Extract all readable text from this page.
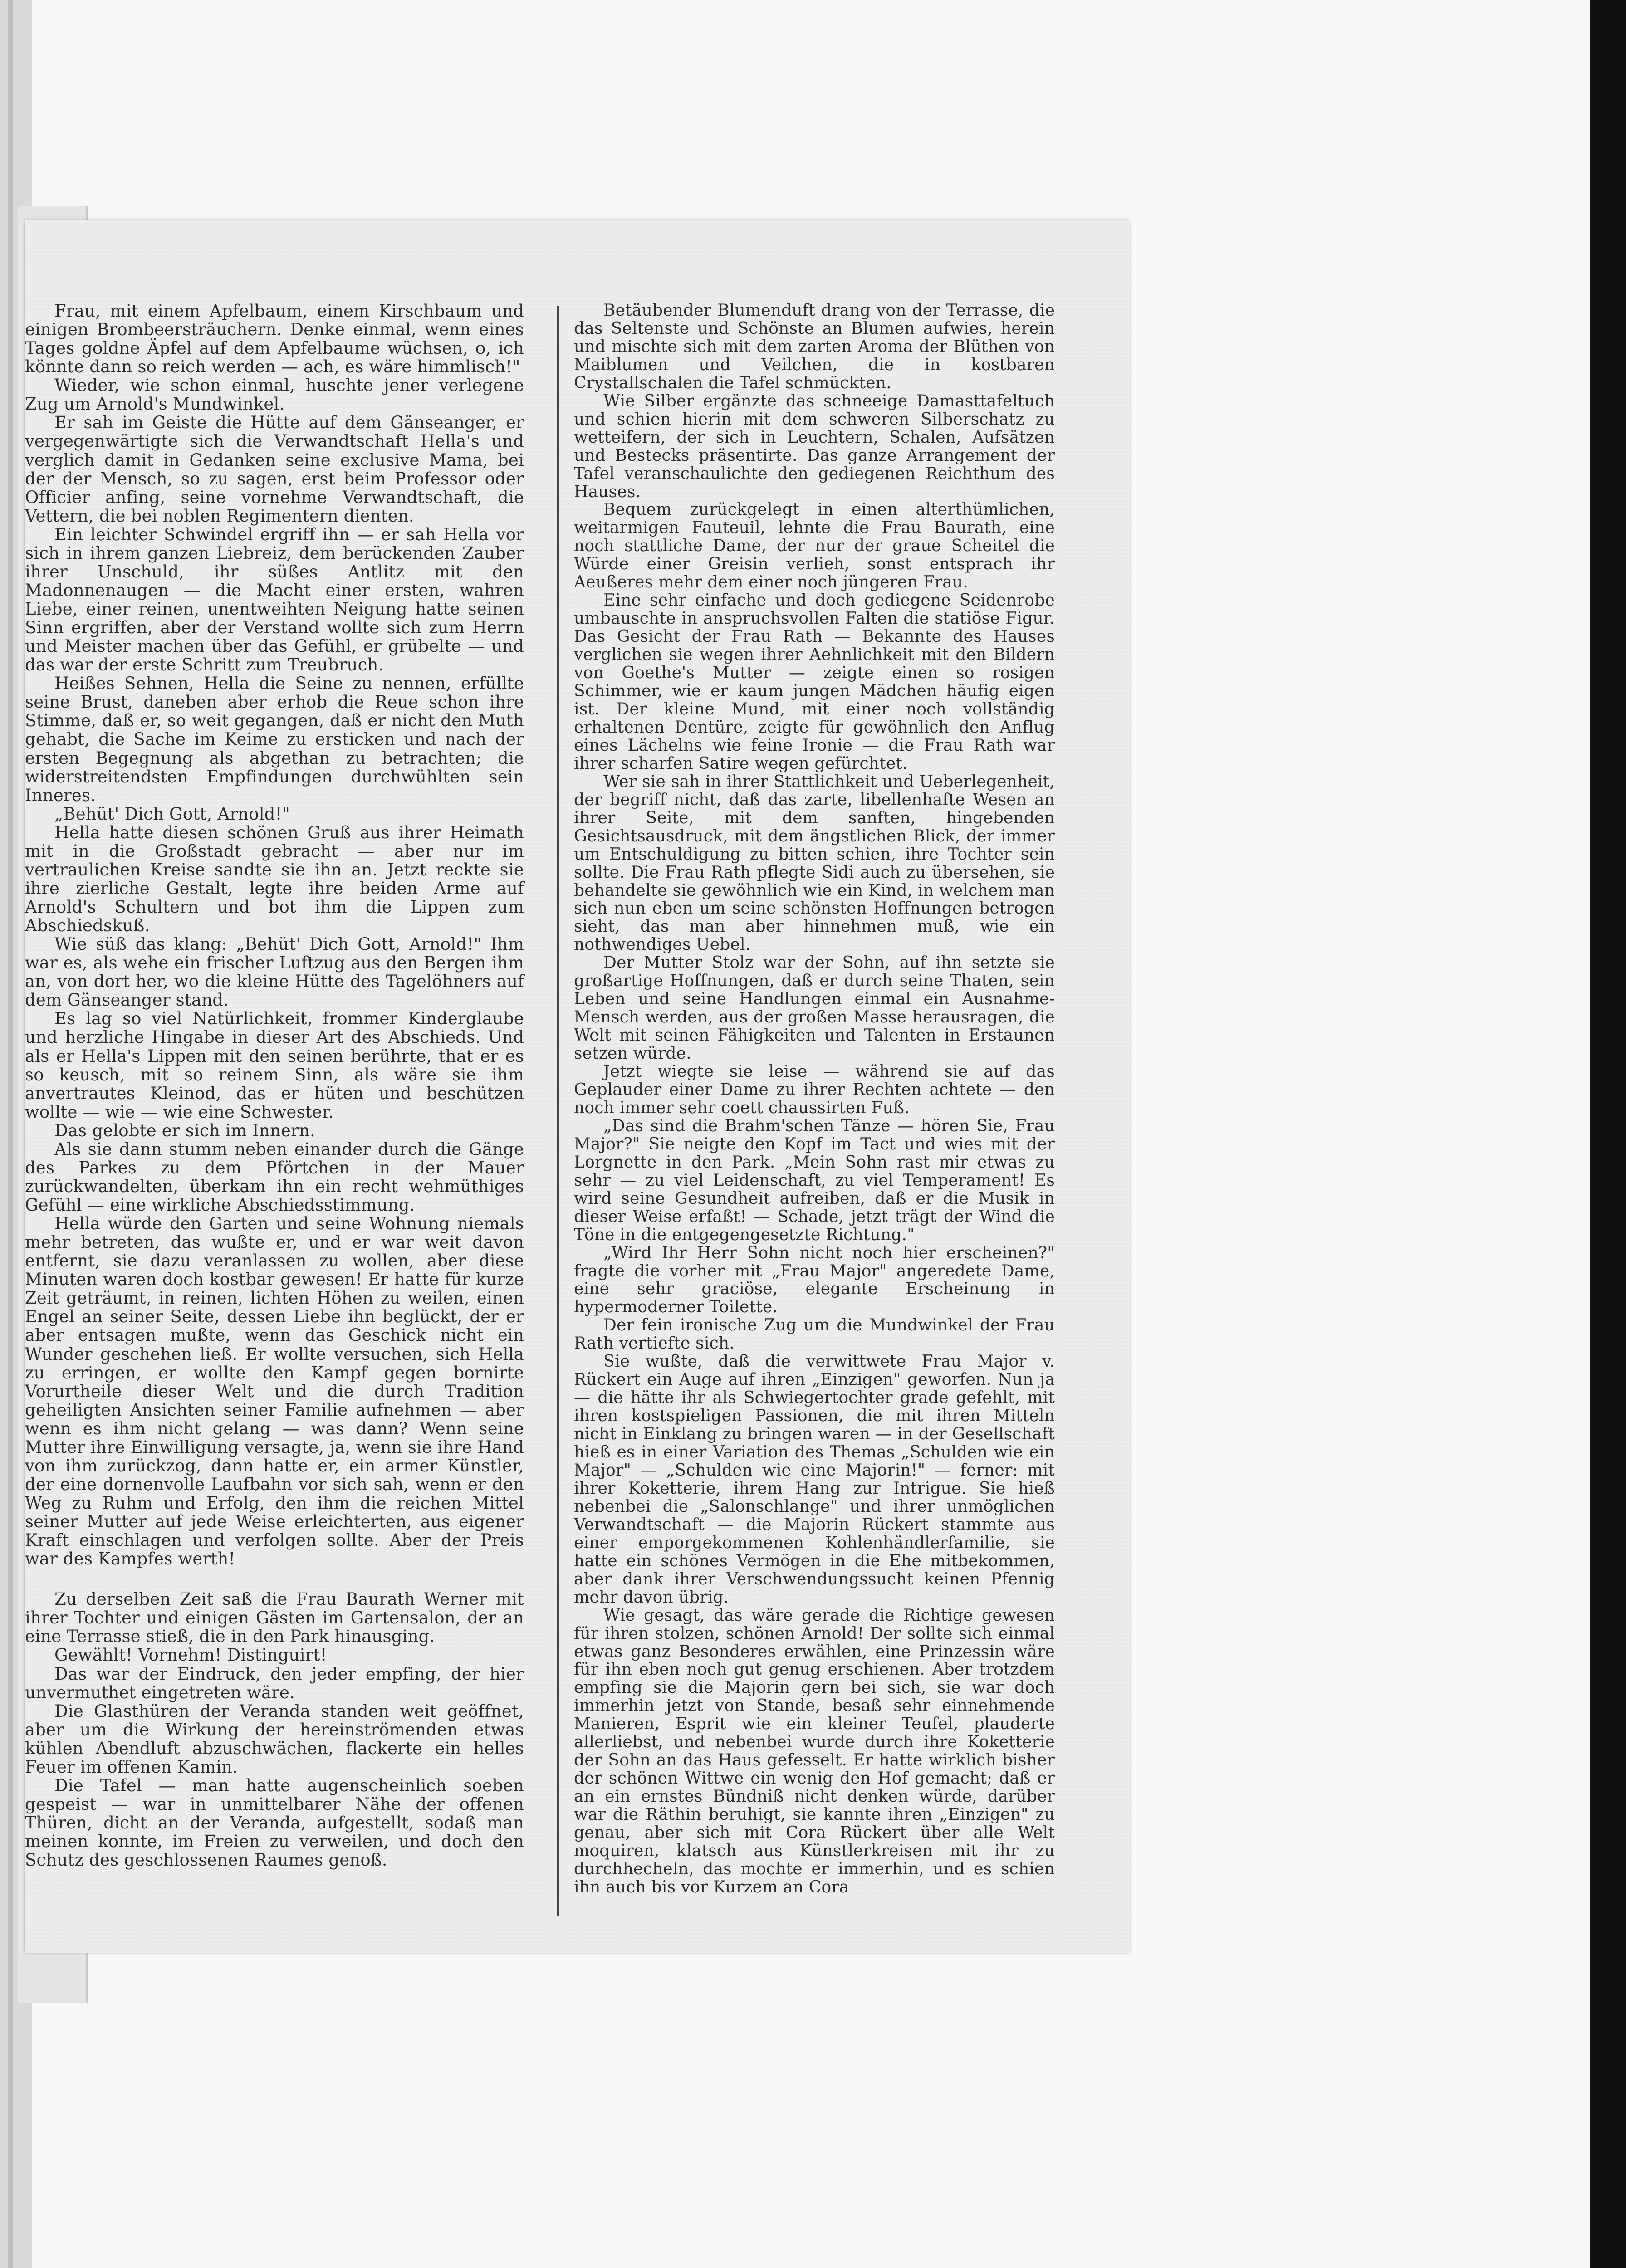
Frau, mit einem Apfelbaum, einem Kirschbaum und einigen Brombeersträuchern. Denke einmal, wenn eines Tages goldne Äpfel auf dem Apfelbaume wüchsen, o, ich könnte dann so reich werden — ach, es wäre himmlisch!"

Wieder, wie schon einmal, huschte jener verlegene Zug um Arnold's Mundwinkel.

Er sah im Geiste die Hütte auf dem Gänseanger, er vergegenwärtigte sich die Verwandtschaft Hella's und verglich damit in Gedanken seine exclusive Mama, bei der der Mensch, so zu sagen, erst beim Professor oder Officier anfing, seine vornehme Verwandtschaft, die Vettern, die bei noblen Regimentern dienten.

Ein leichter Schwindel ergriff ihn — er sah Hella vor sich in ihrem ganzen Liebreiz, dem berückenden Zauber ihrer Unschuld, ihr süßes Antlitz mit den Madonnenaugen — die Macht einer ersten, wahren Liebe, einer reinen, unentweihten Neigung hatte seinen Sinn ergriffen, aber der Verstand wollte sich zum Herrn und Meister machen über das Gefühl, er grübelte — und das war der erste Schritt zum Treubruch.

Heißes Sehnen, Hella die Seine zu nennen, erfüllte seine Brust, daneben aber erhob die Reue schon ihre Stimme, daß er, so weit gegangen, daß er nicht den Muth gehabt, die Sache im Keime zu ersticken und nach der ersten Begegnung als abgethan zu betrachten; die widerstreitendsten Empfindungen durchwühlten sein Inneres.

„Behüt' Dich Gott, Arnold!"

Hella hatte diesen schönen Gruß aus ihrer Heimath mit in die Großstadt gebracht — aber nur im vertraulichen Kreise sandte sie ihn an. Jetzt reckte sie ihre zierliche Gestalt, legte ihre beiden Arme auf Arnold's Schultern und bot ihm die Lippen zum Abschiedskuß.

Wie süß das klang: „Behüt' Dich Gott, Arnold!" Ihm war es, als wehe ein frischer Luftzug aus den Bergen ihm an, von dort her, wo die kleine Hütte des Tagelöhners auf dem Gänseanger stand.

Es lag so viel Natürlichkeit, frommer Kinderglaube und herzliche Hingabe in dieser Art des Abschieds. Und als er Hella's Lippen mit den seinen berührte, that er es so keusch, mit so reinem Sinn, als wäre sie ihm anvertrautes Kleinod, das er hüten und beschützen wollte — wie — wie eine Schwester.

Das gelobte er sich im Innern.

Als sie dann stumm neben einander durch die Gänge des Parkes zu dem Pförtchen in der Mauer zurückwandelten, überkam ihn ein recht wehmüthiges Gefühl — eine wirkliche Abschiedsstimmung.

Hella würde den Garten und seine Wohnung niemals mehr betreten, das wußte er, und er war weit davon entfernt, sie dazu veranlassen zu wollen, aber diese Minuten waren doch kostbar gewesen! Er hatte für kurze Zeit geträumt, in reinen, lichten Höhen zu weilen, einen Engel an seiner Seite, dessen Liebe ihn beglückt, der er aber entsagen mußte, wenn das Geschick nicht ein Wunder geschehen ließ. Er wollte versuchen, sich Hella zu erringen, er wollte den Kampf gegen bornirte Vorurtheile dieser Welt und die durch Tradition geheiligten Ansichten seiner Familie aufnehmen — aber wenn es ihm nicht gelang — was dann? Wenn seine Mutter ihre Einwilligung versagte, ja, wenn sie ihre Hand von ihm zurückzog, dann hatte er, ein armer Künstler, der eine dornenvolle Laufbahn vor sich sah, wenn er den Weg zu Ruhm und Erfolg, den ihm die reichen Mittel seiner Mutter auf jede Weise erleichterten, aus eigener Kraft einschlagen und verfolgen sollte. Aber der Preis war des Kampfes werth!

Zu derselben Zeit saß die Frau Baurath Werner mit ihrer Tochter und einigen Gästen im Gartensalon, der an eine Terrasse stieß, die in den Park hinausging.

Gewählt! Vornehm! Distinguirt!

Das war der Eindruck, den jeder empfing, der hier unvermuthet eingetreten wäre.

Die Glasthüren der Veranda standen weit geöffnet, aber um die Wirkung der hereinströmenden etwas kühlen Abendluft abzuschwächen, flackerte ein helles Feuer im offenen Kamin.

Die Tafel — man hatte augenscheinlich soeben gespeist — war in unmittelbarer Nähe der offenen Thüren, dicht an der Veranda, aufgestellt, sodaß man meinen konnte, im Freien zu verweilen, und doch den Schutz des geschlossenen Raumes genoß.

Betäubender Blumenduft drang von der Terrasse, die das Seltenste und Schönste an Blumen aufwies, herein und mischte sich mit dem zarten Aroma der Blüthen von Maiblumen und Veilchen, die in kostbaren Crystallschalen die Tafel schmückten.

Wie Silber ergänzte das schneeige Damasttafeltuch und schien hierin mit dem schweren Silberschatz zu wetteifern, der sich in Leuchtern, Schalen, Aufsätzen und Bestecks präsentirte. Das ganze Arrangement der Tafel veranschaulichte den gediegenen Reichthum des Hauses.

Bequem zurückgelegt in einen alterthümlichen, weitarmigen Fauteuil, lehnte die Frau Baurath, eine noch stattliche Dame, der nur der graue Scheitel die Würde einer Greisin verlieh, sonst entsprach ihr Aeußeres mehr dem einer noch jüngeren Frau.

Eine sehr einfache und doch gediegene Seidenrobe umbauschte in anspruchsvollen Falten die statiöse Figur. Das Gesicht der Frau Rath — Bekannte des Hauses verglichen sie wegen ihrer Aehnlichkeit mit den Bildern von Goethe's Mutter — zeigte einen so rosigen Schimmer, wie er kaum jungen Mädchen häufig eigen ist. Der kleine Mund, mit einer noch vollständig erhaltenen Dentüre, zeigte für gewöhnlich den Anflug eines Lächelns wie feine Ironie — die Frau Rath war ihrer scharfen Satire wegen gefürchtet.

Wer sie sah in ihrer Stattlichkeit und Ueberlegenheit, der begriff nicht, daß das zarte, libellenhafte Wesen an ihrer Seite, mit dem sanften, hingebenden Gesichtsausdruck, mit dem ängstlichen Blick, der immer um Entschuldigung zu bitten schien, ihre Tochter sein sollte. Die Frau Rath pflegte Sidi auch zu übersehen, sie behandelte sie gewöhnlich wie ein Kind, in welchem man sich nun eben um seine schönsten Hoffnungen betrogen sieht, das man aber hinnehmen muß, wie ein nothwendiges Uebel.

Der Mutter Stolz war der Sohn, auf ihn setzte sie großartige Hoffnungen, daß er durch seine Thaten, sein Leben und seine Handlungen einmal ein Ausnahme-Mensch werden, aus der großen Masse herausragen, die Welt mit seinen Fähigkeiten und Talenten in Erstaunen setzen würde.

Jetzt wiegte sie leise — während sie auf das Geplauder einer Dame zu ihrer Rechten achtete — den noch immer sehr coett chaussirten Fuß.

„Das sind die Brahm'schen Tänze — hören Sie, Frau Major?" Sie neigte den Kopf im Tact und wies mit der Lorgnette in den Park. „Mein Sohn rast mir etwas zu sehr — zu viel Leidenschaft, zu viel Temperament! Es wird seine Gesundheit aufreiben, daß er die Musik in dieser Weise erfaßt! — Schade, jetzt trägt der Wind die Töne in die entgegengesetzte Richtung."

„Wird Ihr Herr Sohn nicht noch hier erscheinen?" fragte die vorher mit „Frau Major" angeredete Dame, eine sehr graciöse, elegante Erscheinung in hypermoderner Toilette.

Der fein ironische Zug um die Mundwinkel der Frau Rath vertiefte sich.

Sie wußte, daß die verwittwete Frau Major v. Rückert ein Auge auf ihren „Einzigen" geworfen. Nun ja — die hätte ihr als Schwiegertochter grade gefehlt, mit ihren kostspieligen Passionen, die mit ihren Mitteln nicht in Einklang zu bringen waren — in der Gesellschaft hieß es in einer Variation des Themas „Schulden wie ein Major" — „Schulden wie eine Majorin!" — ferner: mit ihrer Koketterie, ihrem Hang zur Intrigue. Sie hieß nebenbei die „Salonschlange" und ihrer unmöglichen Verwandtschaft — die Majorin Rückert stammte aus einer emporgekommenen Kohlenhändlerfamilie, sie hatte ein schönes Vermögen in die Ehe mitbekommen, aber dank ihrer Verschwendungssucht keinen Pfennig mehr davon übrig.

Wie gesagt, das wäre gerade die Richtige gewesen für ihren stolzen, schönen Arnold! Der sollte sich einmal etwas ganz Besonderes erwählen, eine Prinzessin wäre für ihn eben noch gut genug erschienen. Aber trotzdem empfing sie die Majorin gern bei sich, sie war doch immerhin jetzt von Stande, besaß sehr einnehmende Manieren, Esprit wie ein kleiner Teufel, plauderte allerliebst, und nebenbei wurde durch ihre Koketterie der Sohn an das Haus gefesselt. Er hatte wirklich bisher der schönen Wittwe ein wenig den Hof gemacht; daß er an ein ernstes Bündniß nicht denken würde, darüber war die Räthin beruhigt, sie kannte ihren „Einzigen" zu genau, aber sich mit Cora Rückert über alle Welt moquiren, klatsch aus Künstlerkreisen mit ihr zu durchhecheln, das mochte er immerhin, und es schien ihn auch bis vor Kurzem an Cora
